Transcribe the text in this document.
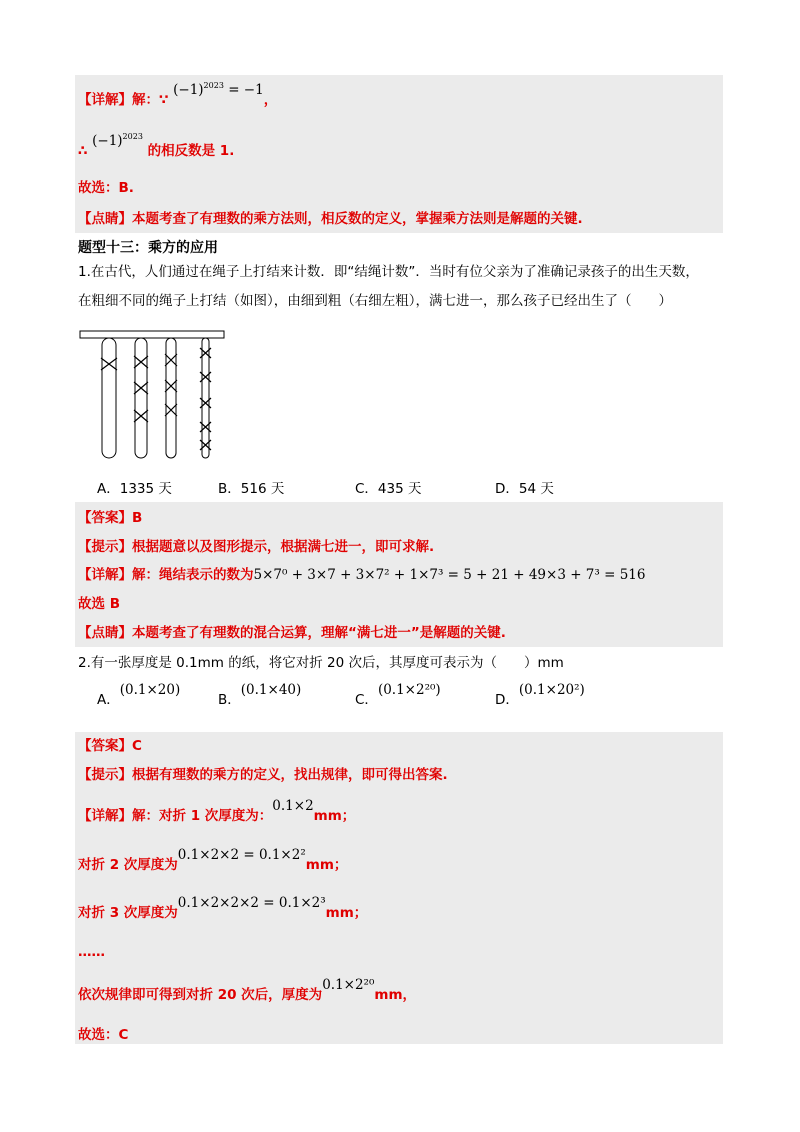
【详解】解：∵ $(-1)^{2023} = -1$，
∴ $(-1)^{2023}$ 的相反数是 1.
故选：B.
【点睛】本题考查了有理数的乘方法则，相反数的定义，掌握乘方法则是解题的关键.
题型十三：乘方的应用
1.在古代，人们通过在绳子上打结来计数．即“结绳计数”．当时有位父亲为了准确记录孩子的出生天数，
在粗细不同的绳子上打结（如图），由细到粗（右细左粗），满七进一，那么孩子已经出生了（　　）
A．1335 天	B．516 天	C．435 天	D．54 天
【答案】B
【提示】根据题意以及图形提示，根据满七进一，即可求解.
【详解】解：绳结表示的数为5×7⁰ + 3×7 + 3×7² + 1×7³ = 5 + 21 + 49×3 + 7³ = 516
故选 B
【点睛】本题考查了有理数的混合运算，理解“满七进一”是解题的关键.
2.有一张厚度是 0.1mm 的纸，将它对折 20 次后，其厚度可表示为（　　）mm
A．(0.1×20)
B．(0.1×40)
C．(0.1×2²⁰)
D．(0.1×20²)
【答案】C
【提示】根据有理数的乘方的定义，找出规律，即可得出答案.
【详解】解：对折 1 次厚度为：0.1×2mm；
对折 2 次厚度为0.1×2×2 = 0.1×2²mm；
对折 3 次厚度为0.1×2×2×2 = 0.1×2³mm；
……
依次规律即可得到对折 20 次后，厚度为0.1×2²⁰mm，
故选：C
